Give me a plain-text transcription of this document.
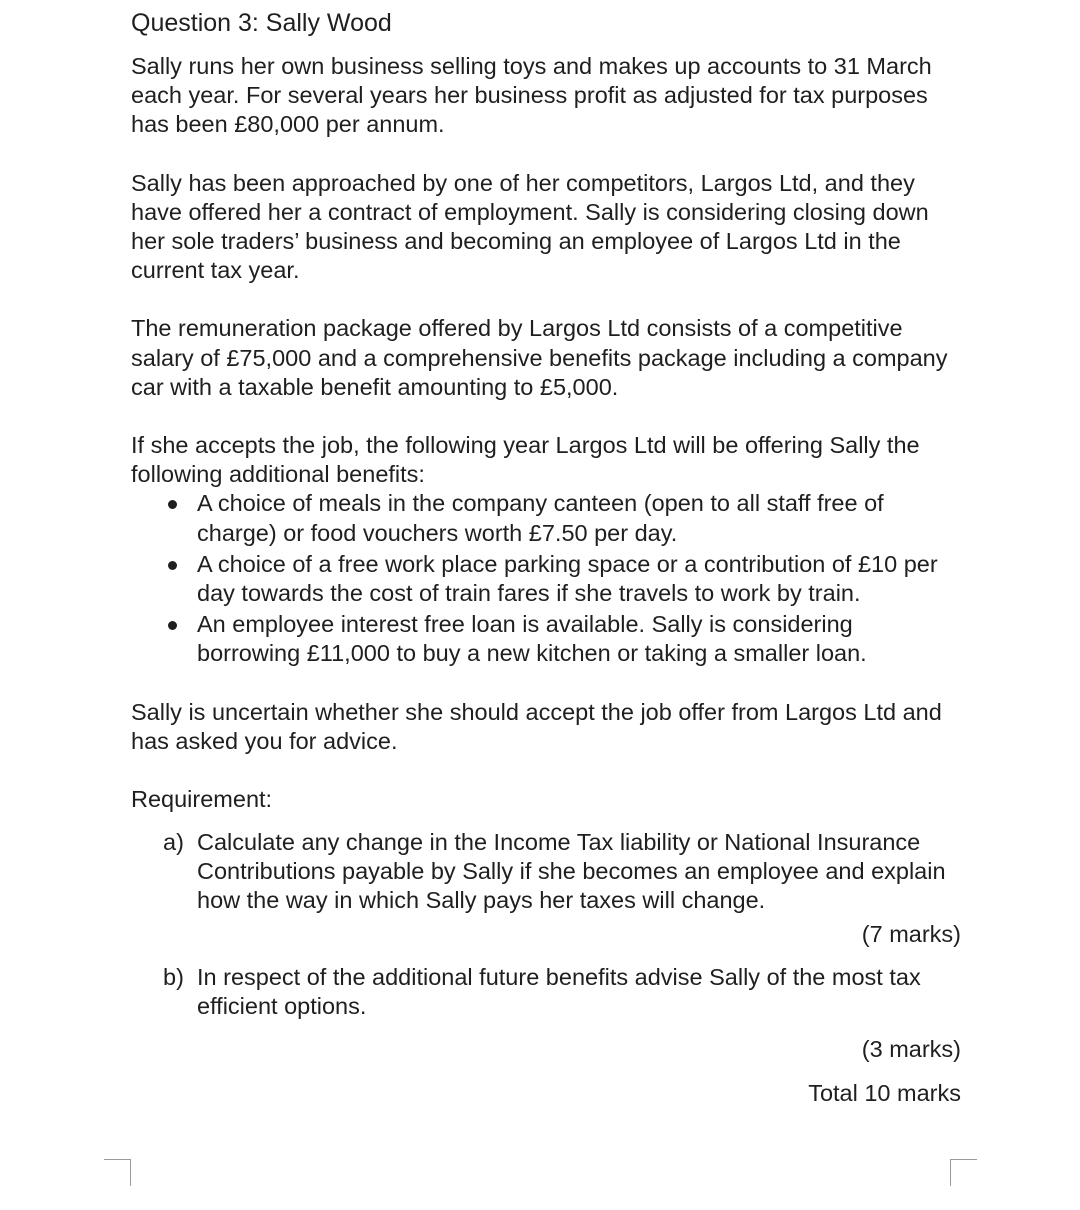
Question 3: Sally Wood

Sally runs her own business selling toys and makes up accounts to 31 March each year. For several years her business profit as adjusted for tax purposes has been £80,000 per annum.

Sally has been approached by one of her competitors, Largos Ltd, and they have offered her a contract of employment. Sally is considering closing down her sole traders’ business and becoming an employee of Largos Ltd in the current tax year.

The remuneration package offered by Largos Ltd consists of a competitive salary of £75,000 and a comprehensive benefits package including a company car with a taxable benefit amounting to £5,000.

If she accepts the job, the following year Largos Ltd will be offering Sally the following additional benefits:

A choice of meals in the company canteen (open to all staff free of charge) or food vouchers worth £7.50 per day.
A choice of a free work place parking space or a contribution of £10 per day towards the cost of train fares if she travels to work by train.
An employee interest free loan is available. Sally is considering borrowing £11,000 to buy a new kitchen or taking a smaller loan.

Sally is uncertain whether she should accept the job offer from Largos Ltd and has asked you for advice.

Requirement:

a) Calculate any change in the Income Tax liability or National Insurance Contributions payable by Sally if she becomes an employee and explain how the way in which Sally pays her taxes will change.

(7 marks)

b) In respect of the additional future benefits advise Sally of the most tax efficient options.

(3 marks)

Total 10 marks
